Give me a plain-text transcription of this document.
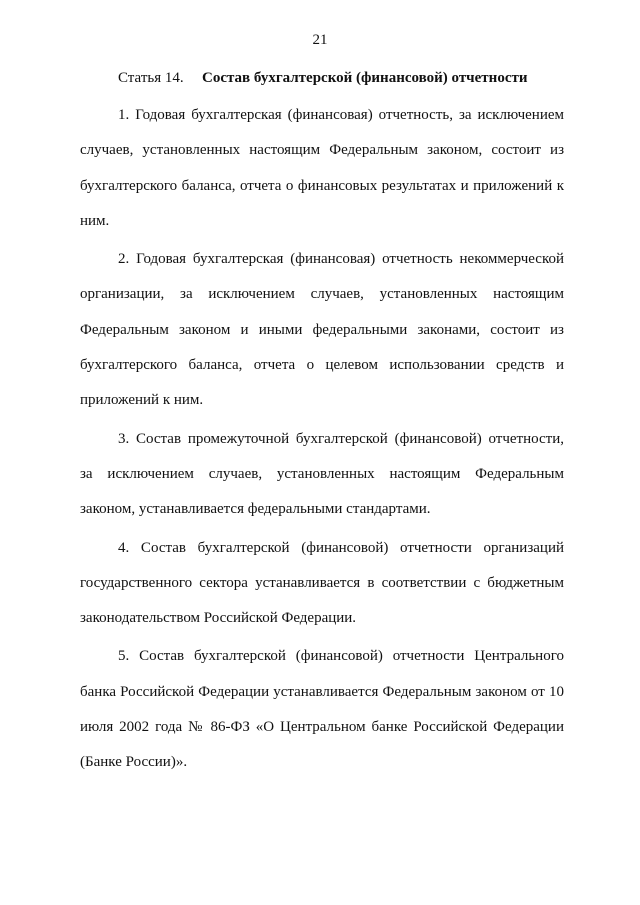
21
Статья 14. Состав бухгалтерской (финансовой) отчетности

1. Годовая бухгалтерская (финансовая) отчетность, за исключением случаев, установленных настоящим Федеральным законом, состоит из бухгалтерского баланса, отчета о финансовых результатах и приложений к ним.

2. Годовая бухгалтерская (финансовая) отчетность некоммерческой организации, за исключением случаев, установленных настоящим Федеральным законом и иными федеральными законами, состоит из бухгалтерского баланса, отчета о целевом использовании средств и приложений к ним.

3. Состав промежуточной бухгалтерской (финансовой) отчетности, за исключением случаев, установленных настоящим Федеральным законом, устанавливается федеральными стандартами.

4. Состав бухгалтерской (финансовой) отчетности организаций государственного сектора устанавливается в соответствии с бюджетным законодательством Российской Федерации.

5. Состав бухгалтерской (финансовой) отчетности Центрального банка Российской Федерации устанавливается Федеральным законом от 10 июля 2002 года № 86-ФЗ «О Центральном банке Российской Федерации (Банке России)».
